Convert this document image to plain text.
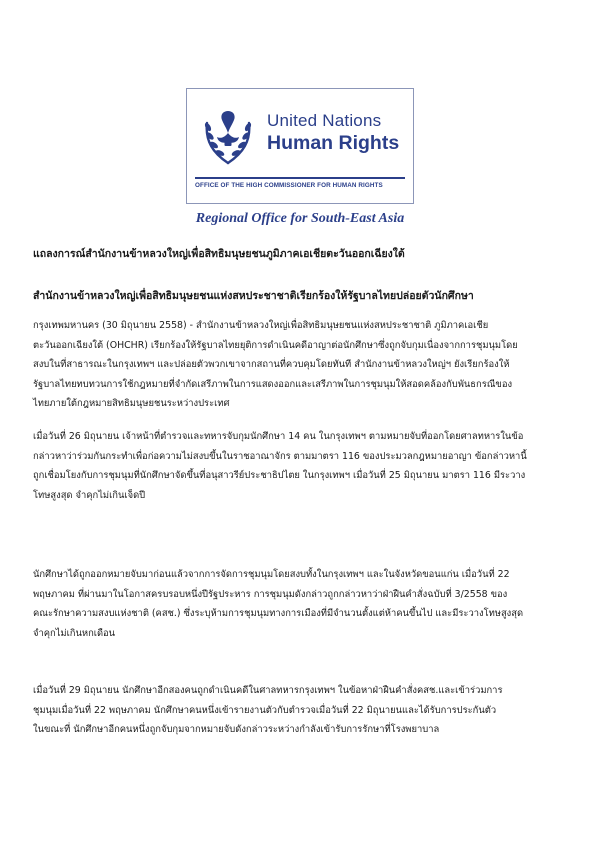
United Nations
Human Rights
OFFICE OF THE HIGH COMMISSIONER FOR HUMAN RIGHTS
Regional Office for South-East Asia
แถลงการณ์สำนักงานข้าหลวงใหญ่เพื่อสิทธิมนุษยชนภูมิภาคเอเชียตะวันออกเฉียงใต้
สำนักงานข้าหลวงใหญ่เพื่อสิทธิมนุษยชนแห่งสหประชาชาติเรียกร้องให้รัฐบาลไทยปล่อยตัวนักศึกษา
กรุงเทพมหานคร (30 มิถุนายน 2558) - สำนักงานข้าหลวงใหญ่เพื่อสิทธิมนุษยชนแห่งสหประชาชาติ ภูมิภาคเอเชีย
ตะวันออกเฉียงใต้ (OHCHR) เรียกร้องให้รัฐบาลไทยยุติการดำเนินคดีอาญาต่อนักศึกษาซึ่งถูกจับกุมเนื่องจากการชุมนุมโดย
สงบในที่สาธารณะในกรุงเทพฯ และปล่อยตัวพวกเขาจากสถานที่ควบคุมโดยทันที สำนักงานข้าหลวงใหญ่ฯ ยังเรียกร้องให้
รัฐบาลไทยทบทวนการใช้กฎหมายที่จำกัดเสรีภาพในการแสดงออกและเสรีภาพในการชุมนุมให้สอดคล้องกับพันธกรณีของ
ไทยภายใต้กฎหมายสิทธิมนุษยชนระหว่างประเทศ
เมื่อวันที่ 26 มิถุนายน เจ้าหน้าที่ตำรวจและทหารจับกุมนักศึกษา 14 คน ในกรุงเทพฯ ตามหมายจับที่ออกโดยศาลทหารในข้อ
กล่าวหาว่าร่วมกันกระทำเพื่อก่อความไม่สงบขึ้นในราชอาณาจักร ตามมาตรา 116 ของประมวลกฎหมายอาญา ข้อกล่าวหานี้
ถูกเชื่อมโยงกับการชุมนุมที่นักศึกษาจัดขึ้นที่อนุสาวรีย์ประชาธิปไตย ในกรุงเทพฯ เมื่อวันที่ 25 มิถุนายน มาตรา 116 มีระวาง
โทษสูงสุด จำคุกไม่เกินเจ็ดปี
นักศึกษาได้ถูกออกหมายจับมาก่อนแล้วจากการจัดการชุมนุมโดยสงบทั้งในกรุงเทพฯ และในจังหวัดขอนแก่น เมื่อวันที่ 22
พฤษภาคม ที่ผ่านมาในโอกาสครบรอบหนึ่งปีรัฐประหาร การชุมนุมดังกล่าวถูกกล่าวหาว่าฝ่าฝืนคำสั่งฉบับที่ 3/2558 ของ
คณะรักษาความสงบแห่งชาติ (คสช.) ซึ่งระบุห้ามการชุมนุมทางการเมืองที่มีจำนวนตั้งแต่ห้าคนขึ้นไป และมีระวางโทษสูงสุด
จำคุกไม่เกินหกเดือน
เมื่อวันที่ 29 มิถุนายน นักศึกษาอีกสองคนถูกดำเนินคดีในศาลทหารกรุงเทพฯ ในข้อหาฝ่าฝืนคำสั่งคสช.และเข้าร่วมการ
ชุมนุมเมื่อวันที่ 22 พฤษภาคม นักศึกษาคนหนึ่งเข้ารายงานตัวกับตำรวจเมื่อวันที่ 22 มิถุนายนและได้รับการประกันตัว
ในขณะที่ นักศึกษาอีกคนหนึ่งถูกจับกุมจากหมายจับดังกล่าวระหว่างกำลังเข้ารับการรักษาที่โรงพยาบาล
